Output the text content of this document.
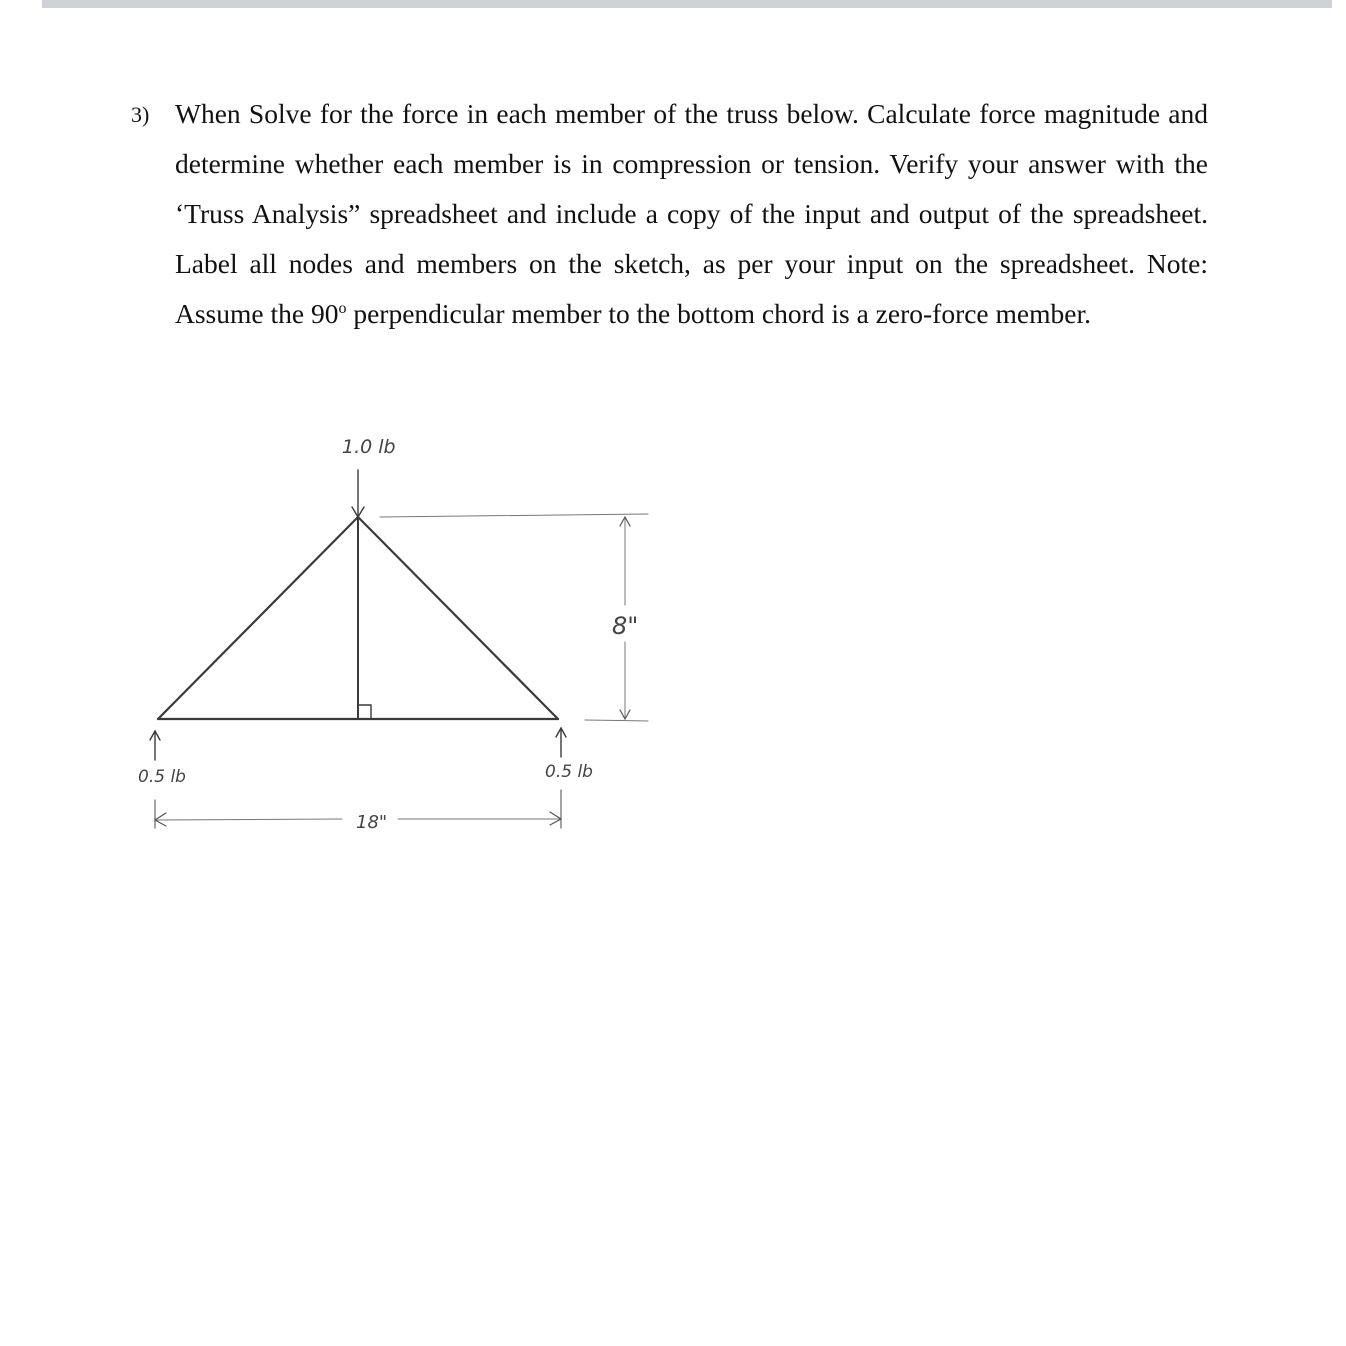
3) When Solve for the force in each member of the truss below. Calculate force magnitude and determine whether each member is in compression or tension. Verify your answer with the ‘Truss Analysis” spreadsheet and include a copy of the input and output of the spreadsheet. Label all nodes and members on the sketch, as per your input on the spreadsheet. Note: Assume the 90$^o$ perpendicular member to the bottom chord is a zero-force member.

1.0 lb
0.5 lb	0.5 lb
18"
8"
